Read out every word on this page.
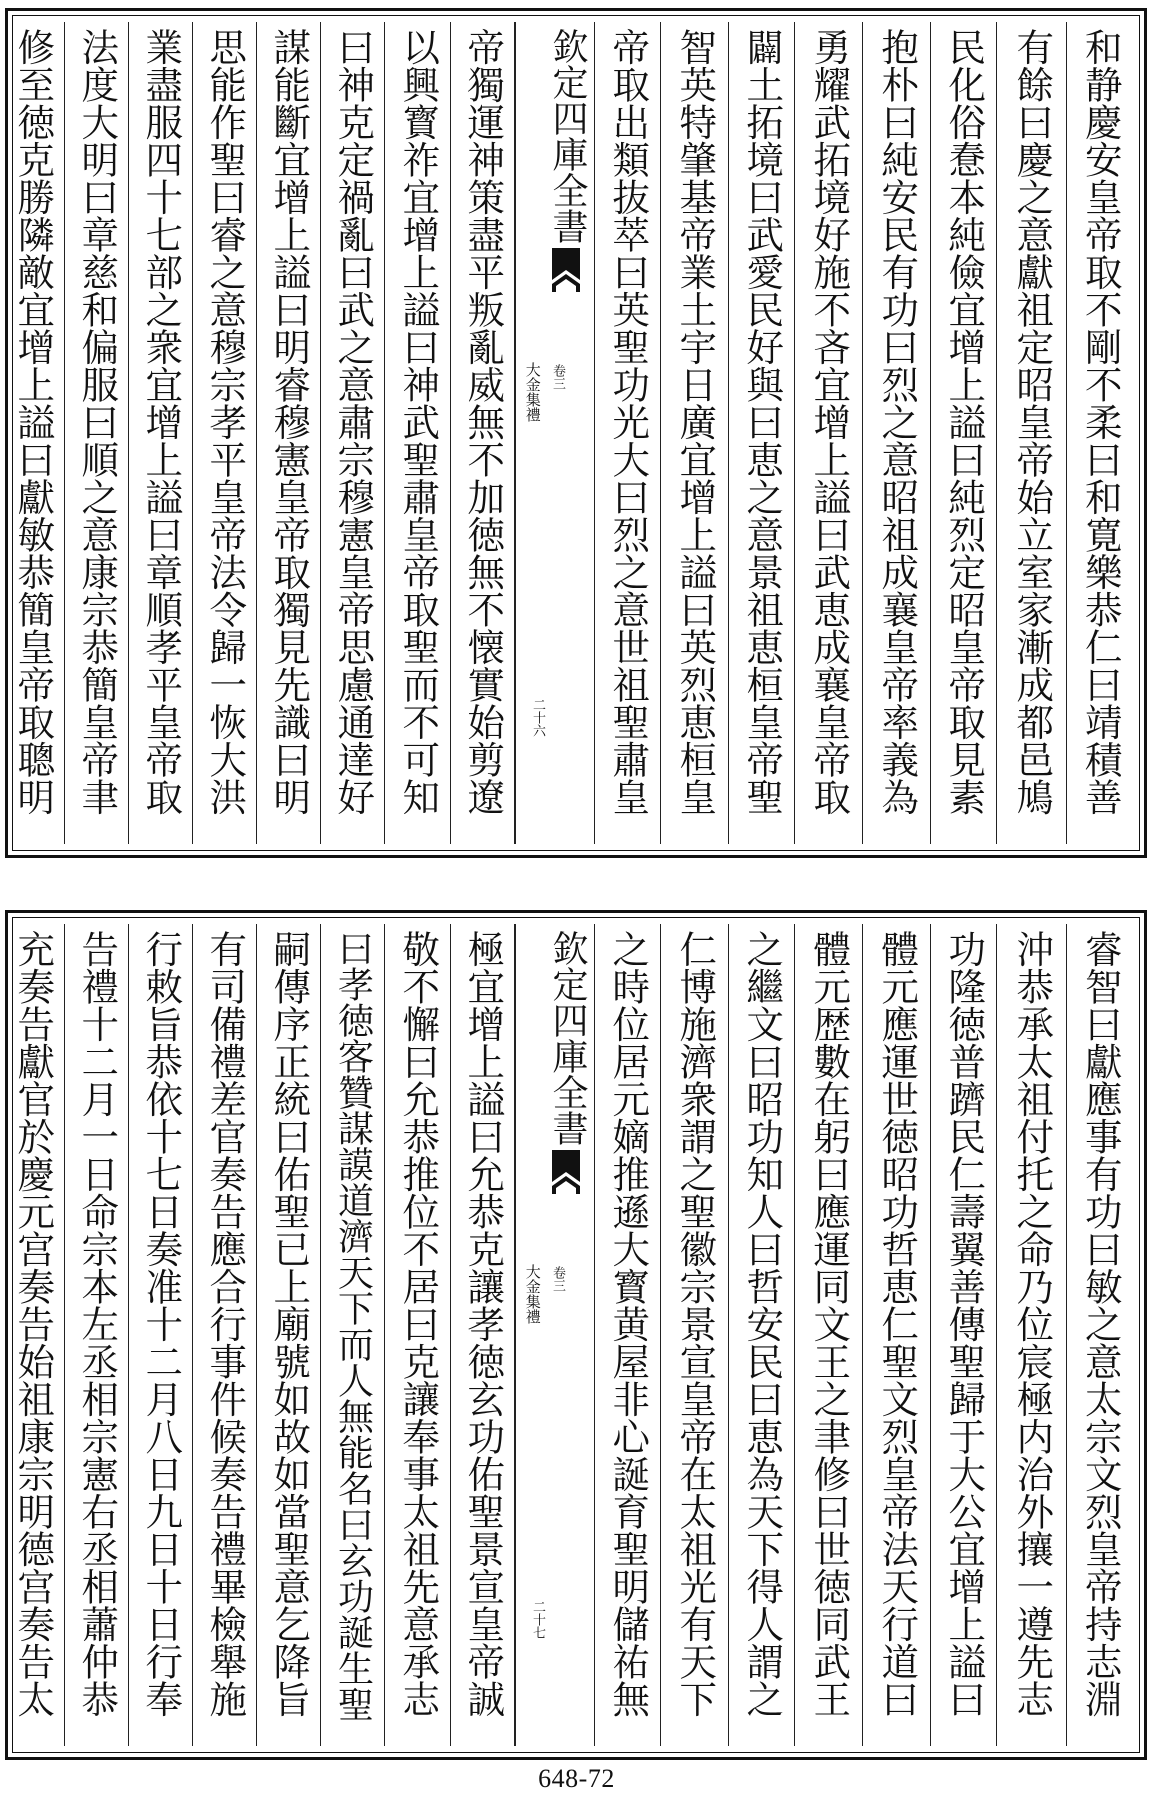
和静慶安皇帝取不剛不柔曰和寛樂恭仁曰靖積善
有餘曰慶之意獻祖定昭皇帝始立室家漸成都邑鳩
民化俗惷本純儉宜增上謚曰純烈定昭皇帝取見素
抱朴曰純安民有功曰烈之意昭祖成襄皇帝率義為
勇耀武拓境好施不吝宜增上謚曰武恵成襄皇帝取
闢土拓境曰武愛民好與曰恵之意景祖恵桓皇帝聖
智英特肇基帝業土宇日廣宜增上謚曰英烈恵桓皇
帝取出類抜萃曰英聖功光大曰烈之意世祖聖肅皇
欽定四庫全書
大金集禮 卷三
二十六
帝獨運神策盡平叛亂威無不加徳無不懐實始剪遼
以興寳祚宜增上謚曰神武聖肅皇帝取聖而不可知
曰神克定禍亂曰武之意肅宗穆憲皇帝思慮通達好
謀能斷宜增上謚曰明睿穆憲皇帝取獨見先識曰明
思能作聖曰睿之意穆宗孝平皇帝法令歸一恢大洪
業盡服四十七部之衆宜增上謚曰章順孝平皇帝取
法度大明曰章慈和偏服曰順之意康宗恭簡皇帝聿
修至徳克勝隣敵宜增上謚曰獻敏恭簡皇帝取聰明
睿智曰獻應事有功曰敏之意太宗文烈皇帝持志淵
沖恭承太祖付托之命乃位宸極内治外攘一遵先志
功隆徳普躋民仁壽翼善傳聖歸于大公宜增上謚曰
體元應運世徳昭功哲恵仁聖文烈皇帝法天行道曰
體元歴數在躬曰應運同文王之聿修曰世徳同武王
之繼文曰昭功知人曰哲安民曰恵為天下得人謂之
仁博施濟衆謂之聖徽宗景宣皇帝在太祖光有天下
之時位居元嫡推遜大寳黄屋非心誕育聖明儲祐無
欽定四庫全書
大金集禮 卷三
二十七
極宜增上謚曰允恭克讓孝徳玄功佑聖景宣皇帝誠
敬不懈曰允恭推位不居曰克讓奉事太祖先意承志
曰孝徳客贊謀謨道濟天下而人無能名曰玄功誕生聖
嗣傳序正統曰佑聖已上廟號如故如當聖意乞降旨
有司備禮差官奏告應合行事件候奏告禮畢檢舉施
行敕旨恭依十七日奏准十二月八日九日十日行奉
告禮十二月一日命宗本左丞相宗憲右丞相蕭仲恭
充奏告獻官於慶元宫奏告始祖康宗明德宫奏告太
648-72
